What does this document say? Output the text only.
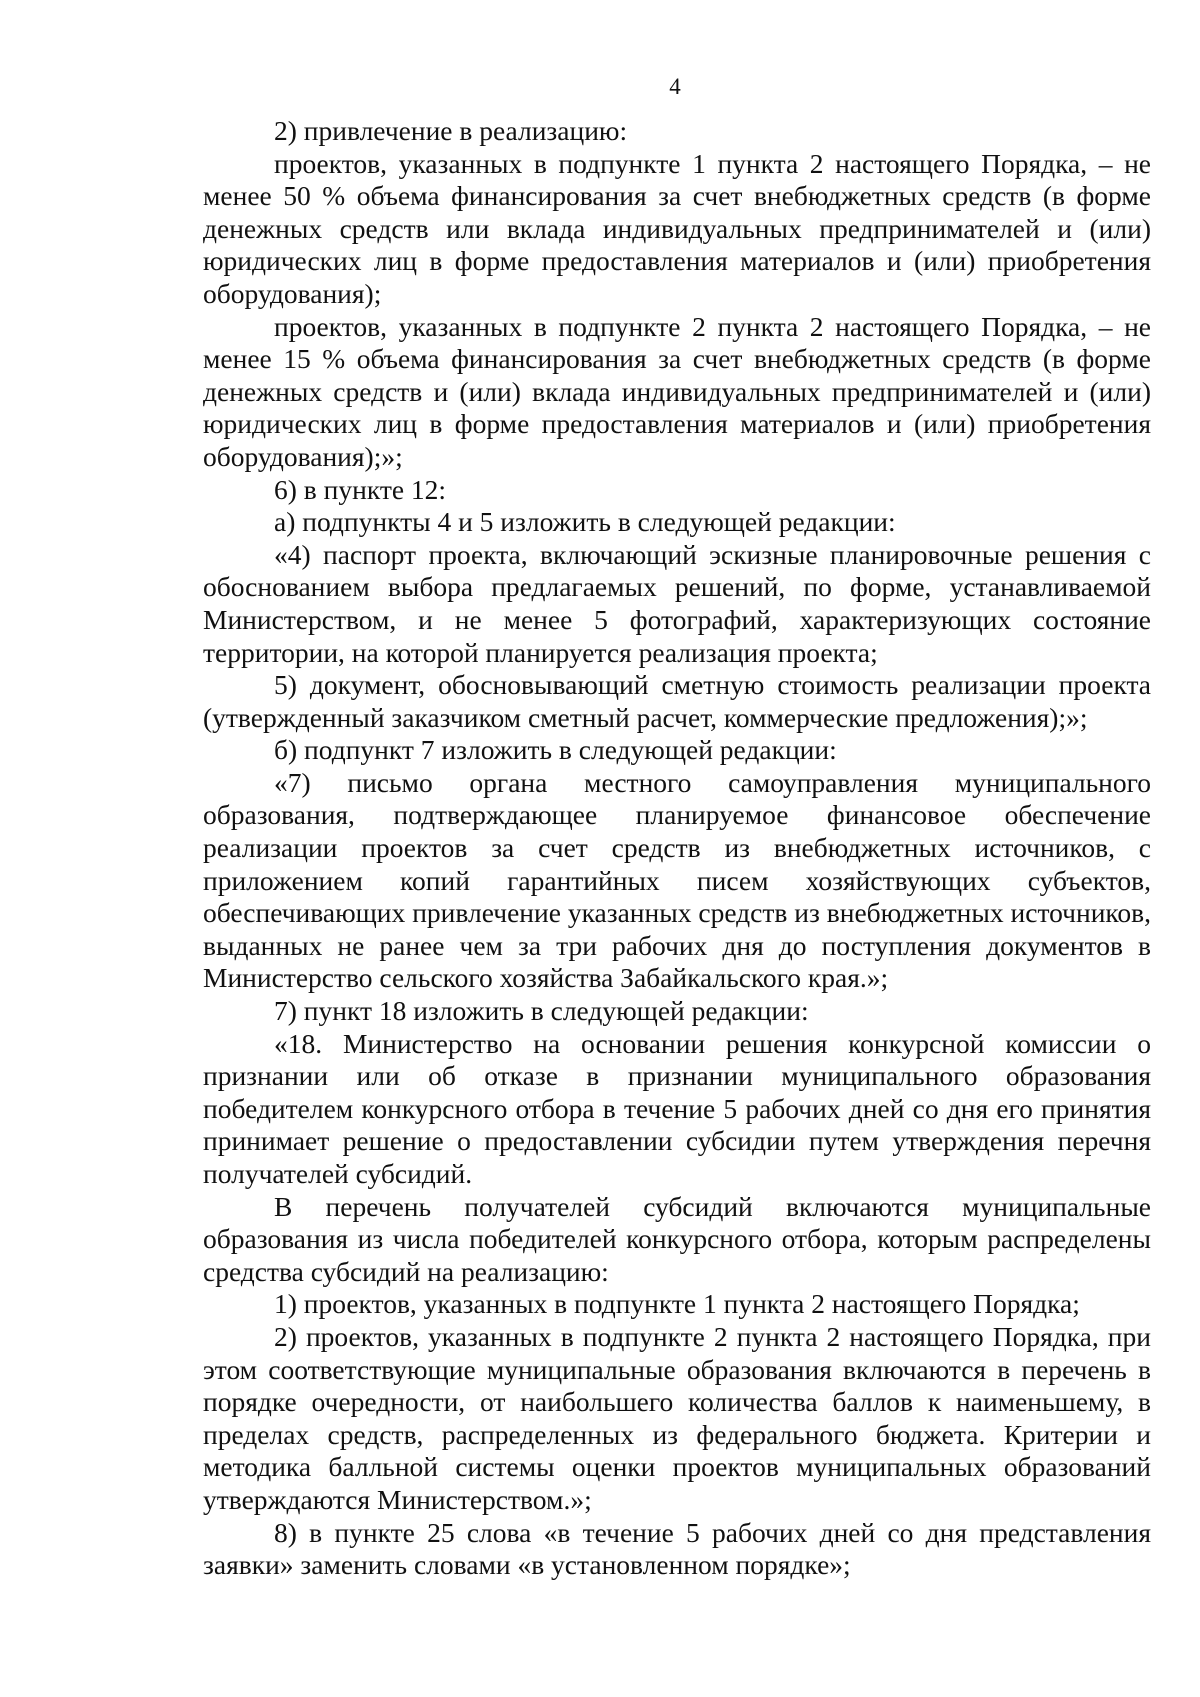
4

2) привлечение в реализацию:

проектов, указанных в подпункте 1 пункта 2 настоящего Порядка, – не менее 50 % объема финансирования за счет внебюджетных средств (в форме денежных средств или вклада индивидуальных предпринимателей и (или) юридических лиц в форме предоставления материалов и (или) приобретения оборудования);

проектов, указанных в подпункте 2 пункта 2 настоящего Порядка, – не менее 15 % объема финансирования за счет внебюджетных средств (в форме денежных средств и (или) вклада индивидуальных предпринимателей и (или) юридических лиц в форме предоставления материалов и (или) приобретения оборудования);»;

6) в пункте 12:

а) подпункты 4 и 5 изложить в следующей редакции:

«4) паспорт проекта, включающий эскизные планировочные решения с обоснованием выбора предлагаемых решений, по форме, устанавливаемой Министерством, и не менее 5 фотографий, характеризующих состояние территории, на которой планируется реализация проекта;

5) документ, обосновывающий сметную стоимость реализации проекта (утвержденный заказчиком сметный расчет, коммерческие предложения);»;

б) подпункт 7 изложить в следующей редакции:

«7) письмо органа местного самоуправления муниципального образования, подтверждающее планируемое финансовое обеспечение реализации проектов за счет средств из внебюджетных источников, с приложением копий гарантийных писем хозяйствующих субъектов, обеспечивающих привлечение указанных средств из внебюджетных источников, выданных не ранее чем за три рабочих дня до поступления документов в Министерство сельского хозяйства Забайкальского края.»;

7) пункт 18 изложить в следующей редакции:

«18. Министерство на основании решения конкурсной комиссии о признании или об отказе в признании муниципального образования победителем конкурсного отбора в течение 5 рабочих дней со дня его принятия принимает решение о предоставлении субсидии путем утверждения перечня получателей субсидий.

В перечень получателей субсидий включаются муниципальные образования из числа победителей конкурсного отбора, которым распределены средства субсидий на реализацию:

1) проектов, указанных в подпункте 1 пункта 2 настоящего Порядка;

2) проектов, указанных в подпункте 2 пункта 2 настоящего Порядка, при этом соответствующие муниципальные образования включаются в перечень в порядке очередности, от наибольшего количества баллов к наименьшему, в пределах средств, распределенных из федерального бюджета. Критерии и методика балльной системы оценки проектов муниципальных образований утверждаются Министерством.»;

8) в пункте 25 слова «в течение 5 рабочих дней со дня представления заявки» заменить словами «в установленном порядке»;
